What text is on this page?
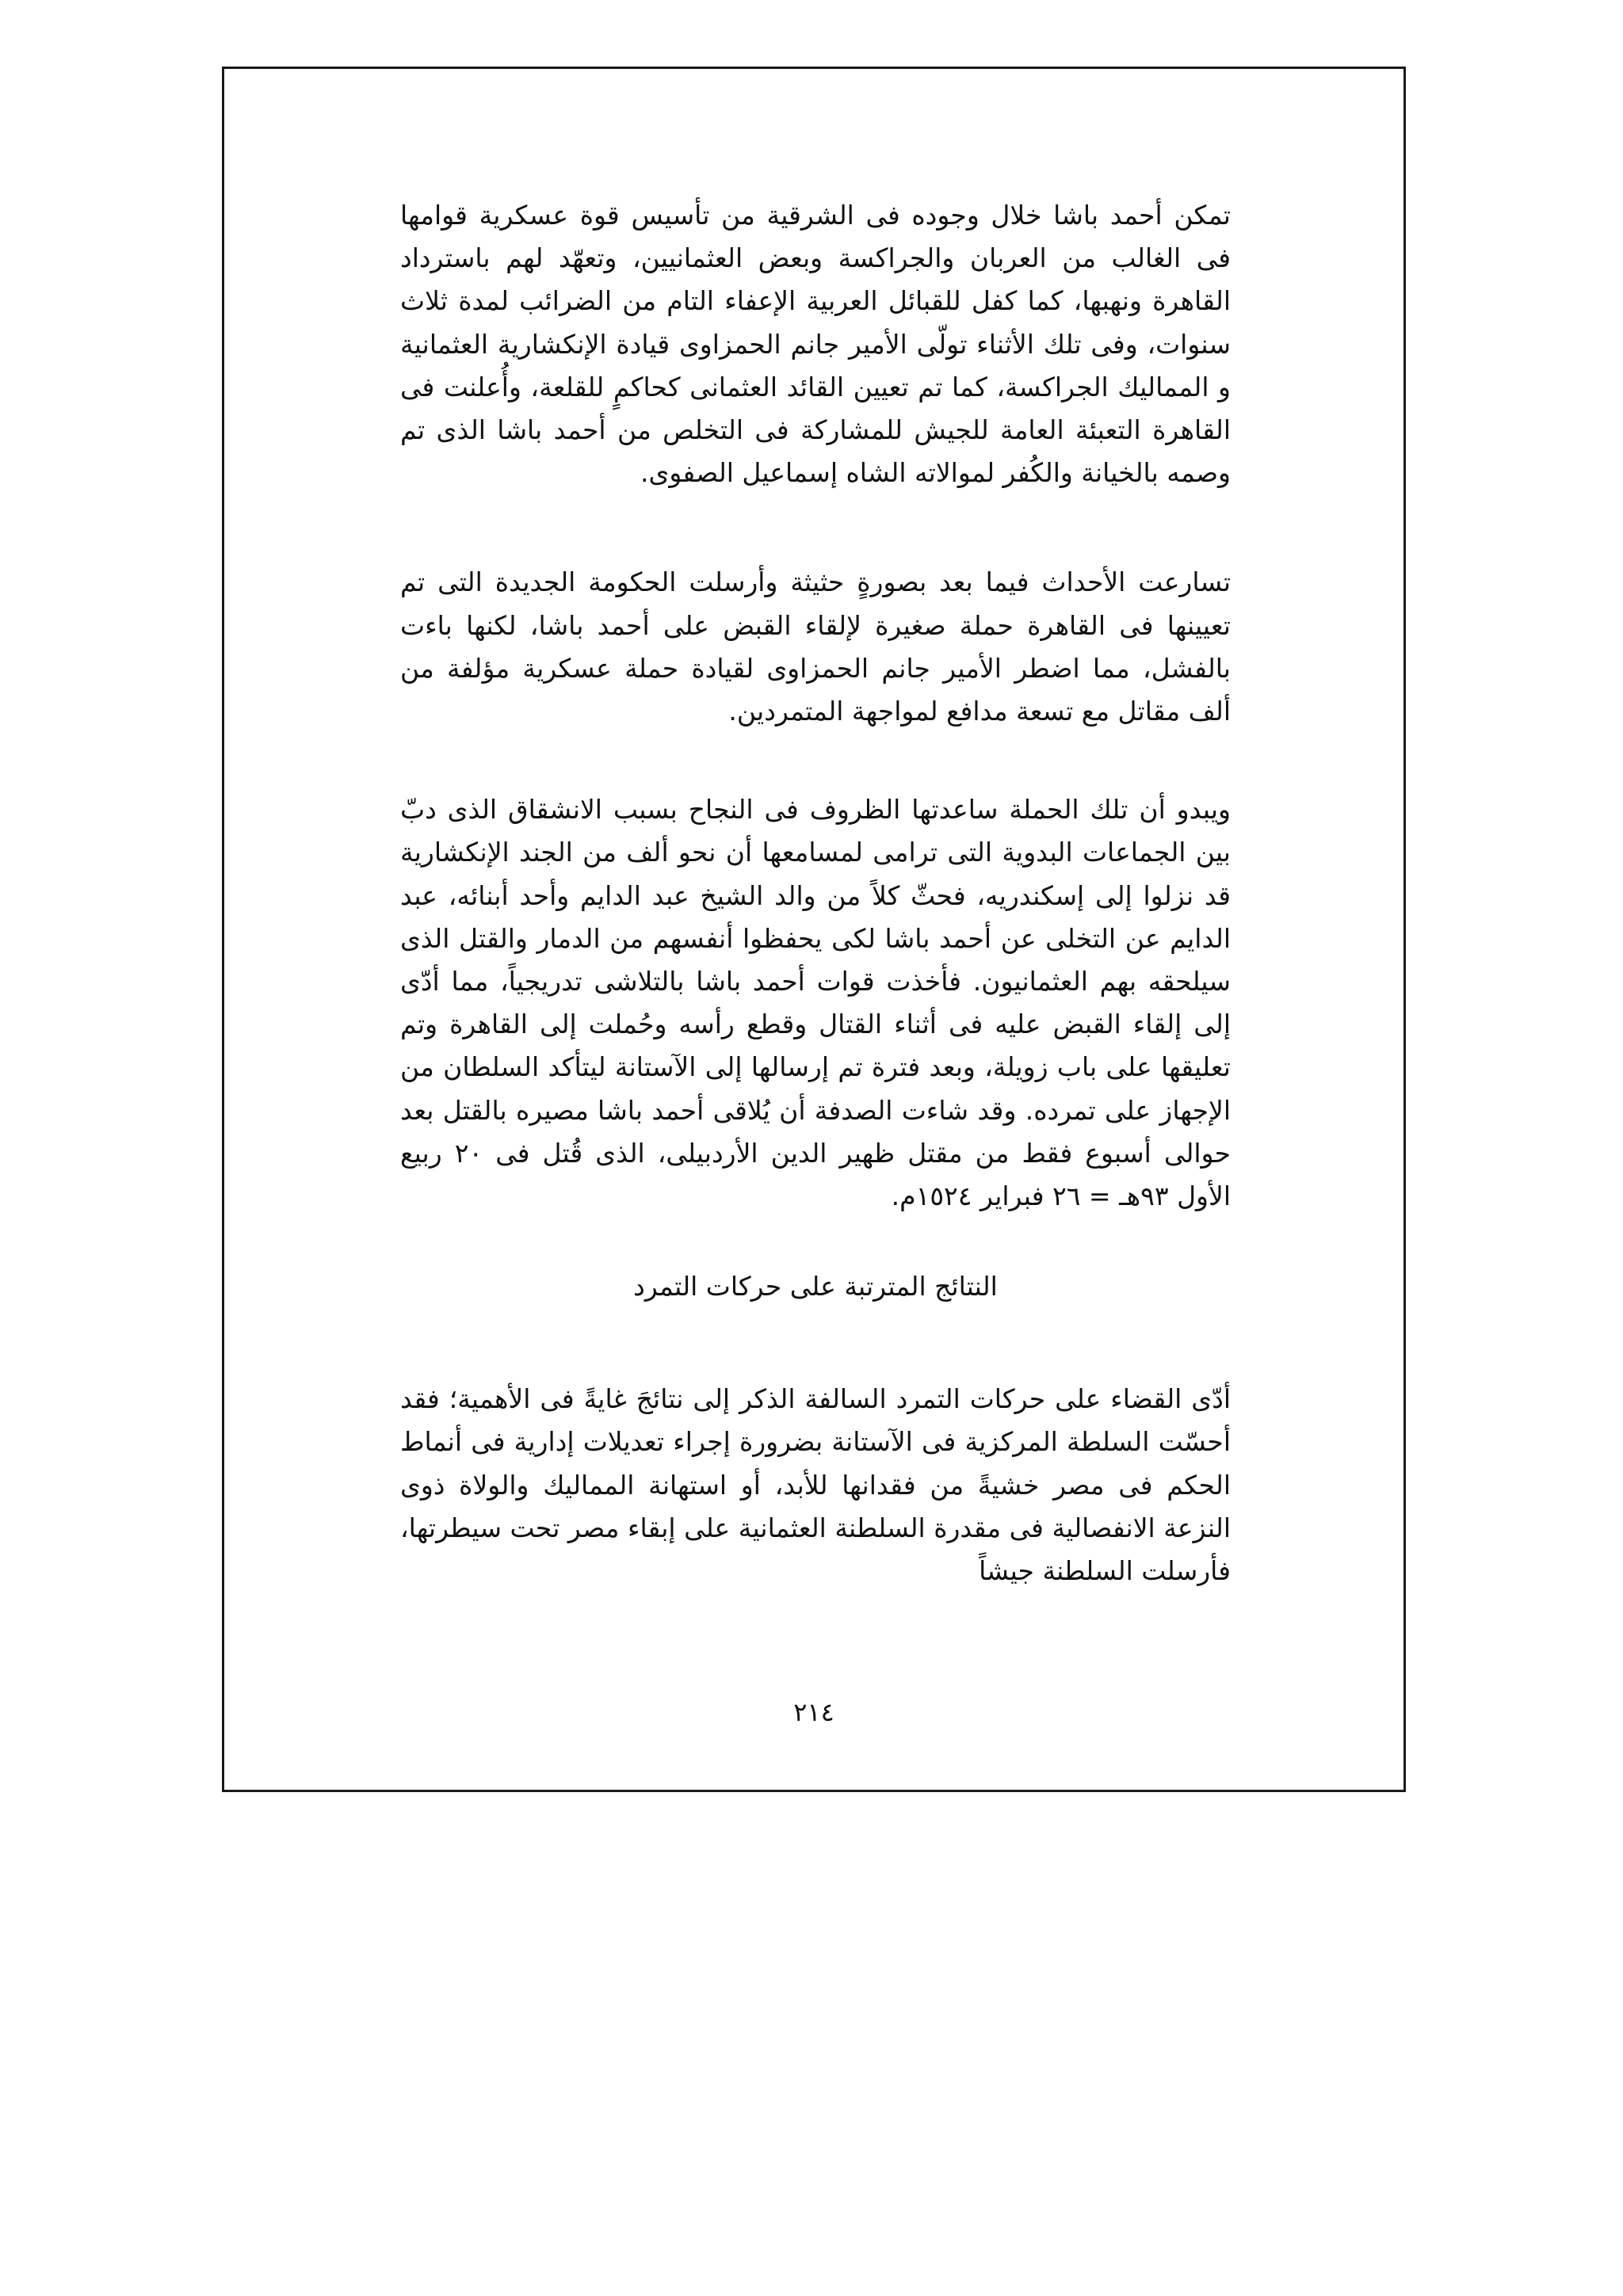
تمكن أحمد باشا خلال وجوده فى الشرقية من تأسيس قوة عسكرية قوامها فى الغالب من العربان والجراكسة وبعض العثمانيين، وتعهّد لهم باسترداد القاهرة ونهبها، كما كفل للقبائل العربية الإعفاء التام من الضرائب لمدة ثلاث سنوات، وفى تلك الأثناء تولّى الأمير جانم الحمزاوى قيادة الإنكشارية العثمانية و المماليك الجراكسة، كما تم تعيين القائد العثمانى كحاكمٍ للقلعة، وأُعلنت فى القاهرة التعبئة العامة للجيش للمشاركة فى التخلص من أحمد باشا الذى تم وصمه بالخيانة والكُفر لموالاته الشاه إسماعيل الصفوى.

تسارعت الأحداث فيما بعد بصورةٍ حثيثة وأرسلت الحكومة الجديدة التى تم تعيينها فى القاهرة حملة صغيرة لإلقاء القبض على أحمد باشا، لكنها باءت بالفشل، مما اضطر الأمير جانم الحمزاوى لقيادة حملة عسكرية مؤلفة من ألف مقاتل مع تسعة مدافع لمواجهة المتمردين.

ويبدو أن تلك الحملة ساعدتها الظروف فى النجاح بسبب الانشقاق الذى دبّ بين الجماعات البدوية التى ترامى لمسامعها أن نحو ألف من الجند الإنكشارية قد نزلوا إلى إسكندريه، فحثّ كلاً من والد الشيخ عبد الدايم وأحد أبنائه، عبد الدايم عن التخلى عن أحمد باشا لكى يحفظوا أنفسهم من الدمار والقتل الذى سيلحقه بهم العثمانيون. فأخذت قوات أحمد باشا بالتلاشى تدريجياً، مما أدّى إلى إلقاء القبض عليه فى أثناء القتال وقطع رأسه وحُملت إلى القاهرة وتم تعليقها على باب زويلة، وبعد فترة تم إرسالها إلى الآستانة ليتأكد السلطان من الإجهاز على تمرده. وقد شاءت الصدفة أن يُلاقى أحمد باشا مصيره بالقتل بعد حوالى أسبوع فقط من مقتل ظهير الدين الأردبيلى، الذى قُتل فى ٢٠ ربيع الأول ٩٣هـ = ٢٦ فبراير ١٥٢٤م.

النتائج المترتبة على حركات التمرد

أدّى القضاء على حركات التمرد السالفة الذكر إلى نتائجَ غايةً فى الأهمية؛ فقد أحسّت السلطة المركزية فى الآستانة بضرورة إجراء تعديلات إدارية فى أنماط الحكم فى مصر خشيةً من فقدانها للأبد، أو استهانة المماليك والولاة ذوى النزعة الانفصالية فى مقدرة السلطنة العثمانية على إبقاء مصر تحت سيطرتها، فأرسلت السلطنة جيشاً

٢١٤
